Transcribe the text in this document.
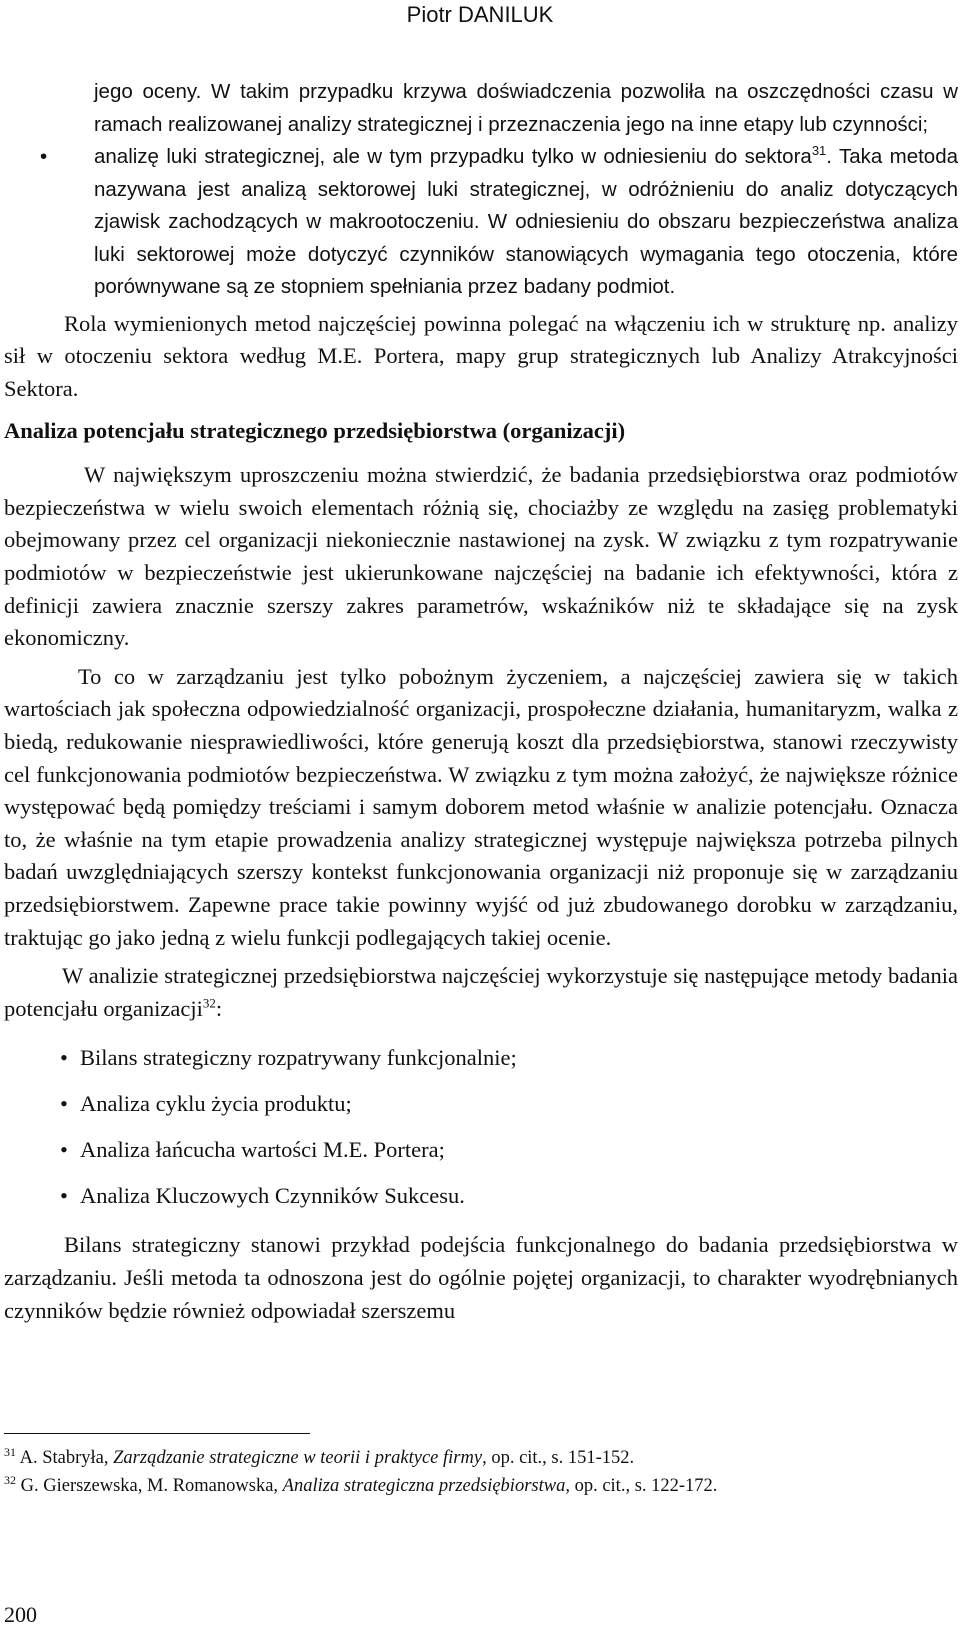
Piotr DANILUK

jego oceny. W takim przypadku krzywa doświadczenia pozwoliła na oszczędności czasu w ramach realizowanej analizy strategicznej i przeznaczenia jego na inne etapy lub czynności;

• analizę luki strategicznej, ale w tym przypadku tylko w odniesieniu do sektora$^{31}$. Taka metoda nazywana jest analizą sektorowej luki strategicznej, w odróżnieniu do analiz dotyczących zjawisk zachodzących w makrootoczeniu. W odniesieniu do obszaru bezpieczeństwa analiza luki sektorowej może dotyczyć czynników stanowiących wymagania tego otoczenia, które porównywane są ze stopniem spełniania przez badany podmiot.

Rola wymienionych metod najczęściej powinna polegać na włączeniu ich w strukturę np. analizy sił w otoczeniu sektora według M.E. Portera, mapy grup strategicznych lub Analizy Atrakcyjności Sektora.

Analiza potencjału strategicznego przedsiębiorstwa (organizacji)

W największym uproszczeniu można stwierdzić, że badania przedsiębiorstwa oraz podmiotów bezpieczeństwa w wielu swoich elementach różnią się, chociażby ze względu na zasięg problematyki obejmowany przez cel organizacji niekoniecznie nastawionej na zysk. W związku z tym rozpatrywanie podmiotów w bezpieczeństwie jest ukierunkowane najczęściej na badanie ich efektywności, która z definicji zawiera znacznie szerszy zakres parametrów, wskaźników niż te składające się na zysk ekonomiczny.

To co w zarządzaniu jest tylko pobożnym życzeniem, a najczęściej zawiera się w takich wartościach jak społeczna odpowiedzialność organizacji, prospołeczne działania, humanitaryzm, walka z biedą, redukowanie niesprawiedliwości, które generują koszt dla przedsiębiorstwa, stanowi rzeczywisty cel funkcjonowania podmiotów bezpieczeństwa. W związku z tym można założyć, że największe różnice występować będą pomiędzy treściami i samym doborem metod właśnie w analizie potencjału. Oznacza to, że właśnie na tym etapie prowadzenia analizy strategicznej występuje największa potrzeba pilnych badań uwzględniających szerszy kontekst funkcjonowania organizacji niż proponuje się w zarządzaniu przedsiębiorstwem. Zapewne prace takie powinny wyjść od już zbudowanego dorobku w zarządzaniu, traktując go jako jedną z wielu funkcji podlegających takiej ocenie.

W analizie strategicznej przedsiębiorstwa najczęściej wykorzystuje się następujące metody badania potencjału organizacji$^{32}$:

• Bilans strategiczny rozpatrywany funkcjonalnie;
• Analiza cyklu życia produktu;
• Analiza łańcucha wartości M.E. Portera;
• Analiza Kluczowych Czynników Sukcesu.

Bilans strategiczny stanowi przykład podejścia funkcjonalnego do badania przedsiębiorstwa w zarządzaniu. Jeśli metoda ta odnoszona jest do ogólnie pojętej organizacji, to charakter wyodrębnianych czynników będzie również odpowiadał szerszemu

$^{31}$ A. Stabryła, Zarządzanie strategiczne w teorii i praktyce firmy, op. cit., s. 151-152.
$^{32}$ G. Gierszewska, M. Romanowska, Analiza strategiczna przedsiębiorstwa, op. cit., s. 122-172.
200
